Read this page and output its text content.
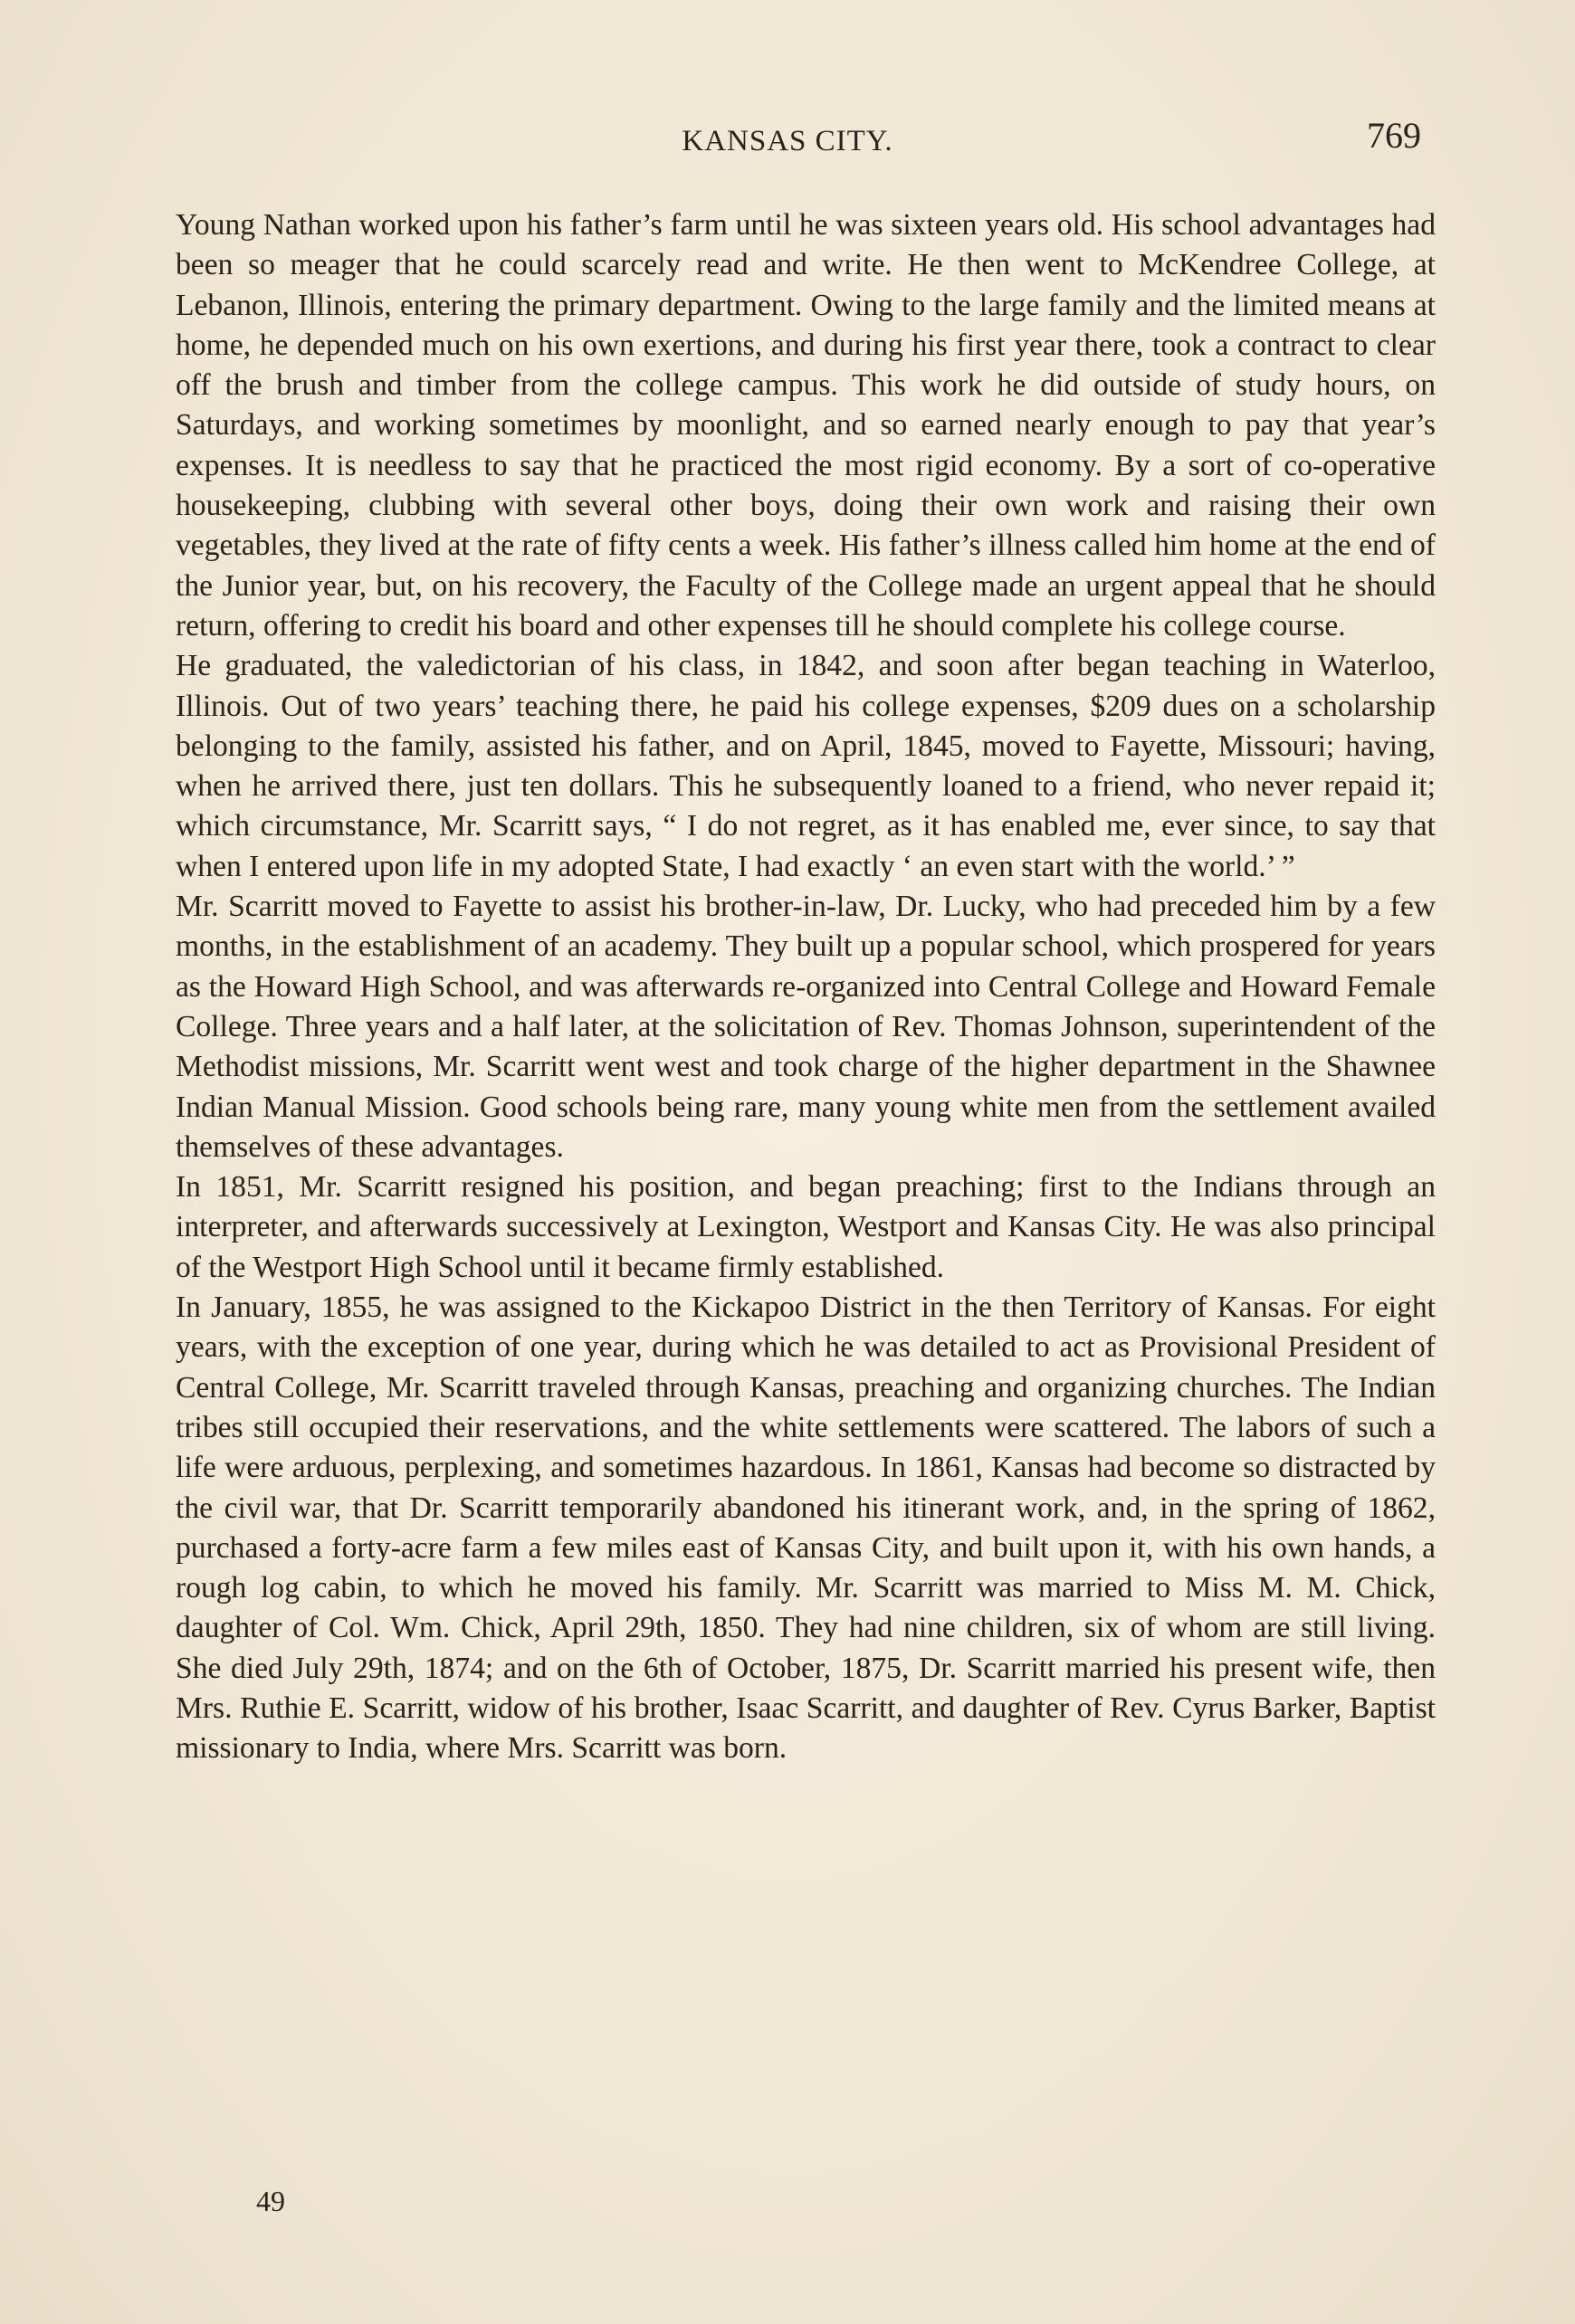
KANSAS CITY.	769

Young Nathan worked upon his father’s farm until he was sixteen years old. His school advantages had been so meager that he could scarcely read and write. He then went to McKendree College, at Lebanon, Illinois, entering the primary department. Owing to the large family and the limited means at home, he depended much on his own exertions, and during his first year there, took a contract to clear off the brush and timber from the college campus. This work he did outside of study hours, on Saturdays, and working sometimes by moonlight, and so earned nearly enough to pay that year’s expenses. It is needless to say that he practiced the most rigid economy. By a sort of co-operative housekeeping, clubbing with several other boys, doing their own work and raising their own vegetables, they lived at the rate of fifty cents a week. His father’s illness called him home at the end of the Junior year, but, on his recovery, the Faculty of the College made an urgent appeal that he should return, offering to credit his board and other expenses till he should complete his college course.

He graduated, the valedictorian of his class, in 1842, and soon after began teaching in Waterloo, Illinois. Out of two years’ teaching there, he paid his college expenses, $209 dues on a scholarship belonging to the family, assisted his father, and on April, 1845, moved to Fayette, Missouri; having, when he arrived there, just ten dollars. This he subsequently loaned to a friend, who never repaid it; which circumstance, Mr. Scarritt says, “ I do not regret, as it has enabled me, ever since, to say that when I entered upon life in my adopted State, I had exactly ‘ an even start with the world.’ ”

Mr. Scarritt moved to Fayette to assist his brother-in-law, Dr. Lucky, who had preceded him by a few months, in the establishment of an academy. They built up a popular school, which prospered for years as the Howard High School, and was afterwards re-organized into Central College and Howard Female College. Three years and a half later, at the solicitation of Rev. Thomas Johnson, superintendent of the Methodist missions, Mr. Scarritt went west and took charge of the higher department in the Shawnee Indian Manual Mission. Good schools being rare, many young white men from the settlement availed themselves of these advantages.

In 1851, Mr. Scarritt resigned his position, and began preaching; first to the Indians through an interpreter, and afterwards successively at Lexington, Westport and Kansas City. He was also principal of the Westport High School until it became firmly established.

In January, 1855, he was assigned to the Kickapoo District in the then Territory of Kansas. For eight years, with the exception of one year, during which he was detailed to act as Provisional President of Central College, Mr. Scarritt traveled through Kansas, preaching and organizing churches. The Indian tribes still occupied their reservations, and the white settlements were scattered. The labors of such a life were arduous, perplexing, and sometimes hazardous. In 1861, Kansas had become so distracted by the civil war, that Dr. Scarritt temporarily abandoned his itinerant work, and, in the spring of 1862, purchased a forty-acre farm a few miles east of Kansas City, and built upon it, with his own hands, a rough log cabin, to which he moved his family. Mr. Scarritt was married to Miss M. M. Chick, daughter of Col. Wm. Chick, April 29th, 1850. They had nine children, six of whom are still living. She died July 29th, 1874; and on the 6th of October, 1875, Dr. Scarritt married his present wife, then Mrs. Ruthie E. Scarritt, widow of his brother, Isaac Scarritt, and daughter of Rev. Cyrus Barker, Baptist missionary to India, where Mrs. Scarritt was born.

49
